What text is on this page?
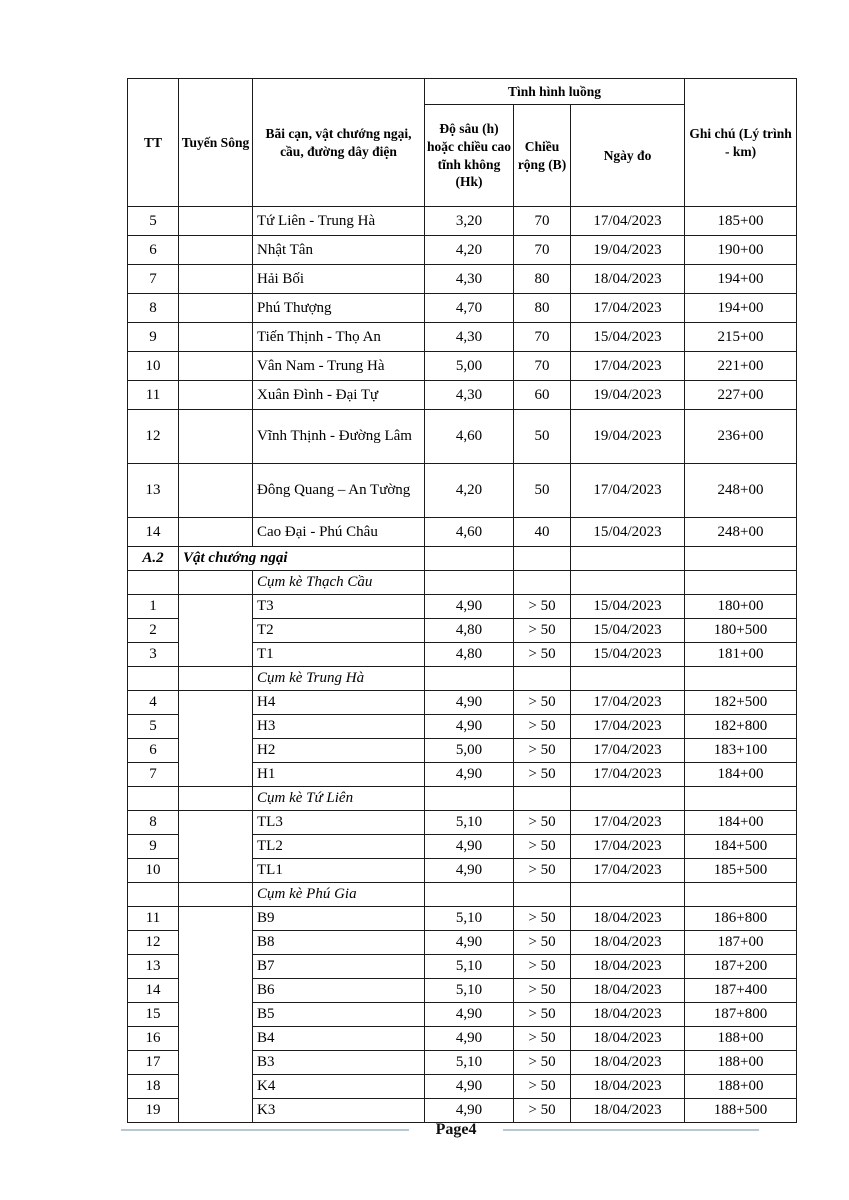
TT	Tuyến Sông	Bãi cạn, vật chướng ngại, cầu, đường dây điện	Tình hình luồng			Ghi chú (Lý trình - km)
			Độ sâu (h) hoặc chiều cao tĩnh không (Hk)	Chiều rộng (B)	Ngày đo	
5		Tứ Liên - Trung Hà	3,20	70	17/04/2023	185+00
6		Nhật Tân	4,20	70	19/04/2023	190+00
7		Hải Bối	4,30	80	18/04/2023	194+00
8		Phú Thượng	4,70	80	17/04/2023	194+00
9		Tiến Thịnh - Thọ An	4,30	70	15/04/2023	215+00
10		Vân Nam - Trung Hà	5,00	70	17/04/2023	221+00
11		Xuân Đình - Đại Tự	4,30	60	19/04/2023	227+00
12		Vĩnh Thịnh - Đường Lâm	4,60	50	19/04/2023	236+00
13		Đông Quang – An Tường	4,20	50	17/04/2023	248+00
14		Cao Đại - Phú Châu	4,60	40	15/04/2023	248+00
A.2	Vật chướng ngại					
		Cụm kè Thạch Cầu				
1		T3	4,90	> 50	15/04/2023	180+00
2		T2	4,80	> 50	15/04/2023	180+500
3		T1	4,80	> 50	15/04/2023	181+00
		Cụm kè Trung Hà				
4		H4	4,90	> 50	17/04/2023	182+500
5		H3	4,90	> 50	17/04/2023	182+800
6		H2	5,00	> 50	17/04/2023	183+100
7		H1	4,90	> 50	17/04/2023	184+00
		Cụm kè Tứ Liên				
8		TL3	5,10	> 50	17/04/2023	184+00
9		TL2	4,90	> 50	17/04/2023	184+500
10		TL1	4,90	> 50	17/04/2023	185+500
		Cụm kè Phú Gia				
11		B9	5,10	> 50	18/04/2023	186+800
12		B8	4,90	> 50	18/04/2023	187+00
13		B7	5,10	> 50	18/04/2023	187+200
14		B6	5,10	> 50	18/04/2023	187+400
15		B5	4,90	> 50	18/04/2023	187+800
16		B4	4,90	> 50	18/04/2023	188+00
17		B3	5,10	> 50	18/04/2023	188+00
18		K4	4,90	> 50	18/04/2023	188+00
19		K3	4,90	> 50	18/04/2023	188+500
Page4
